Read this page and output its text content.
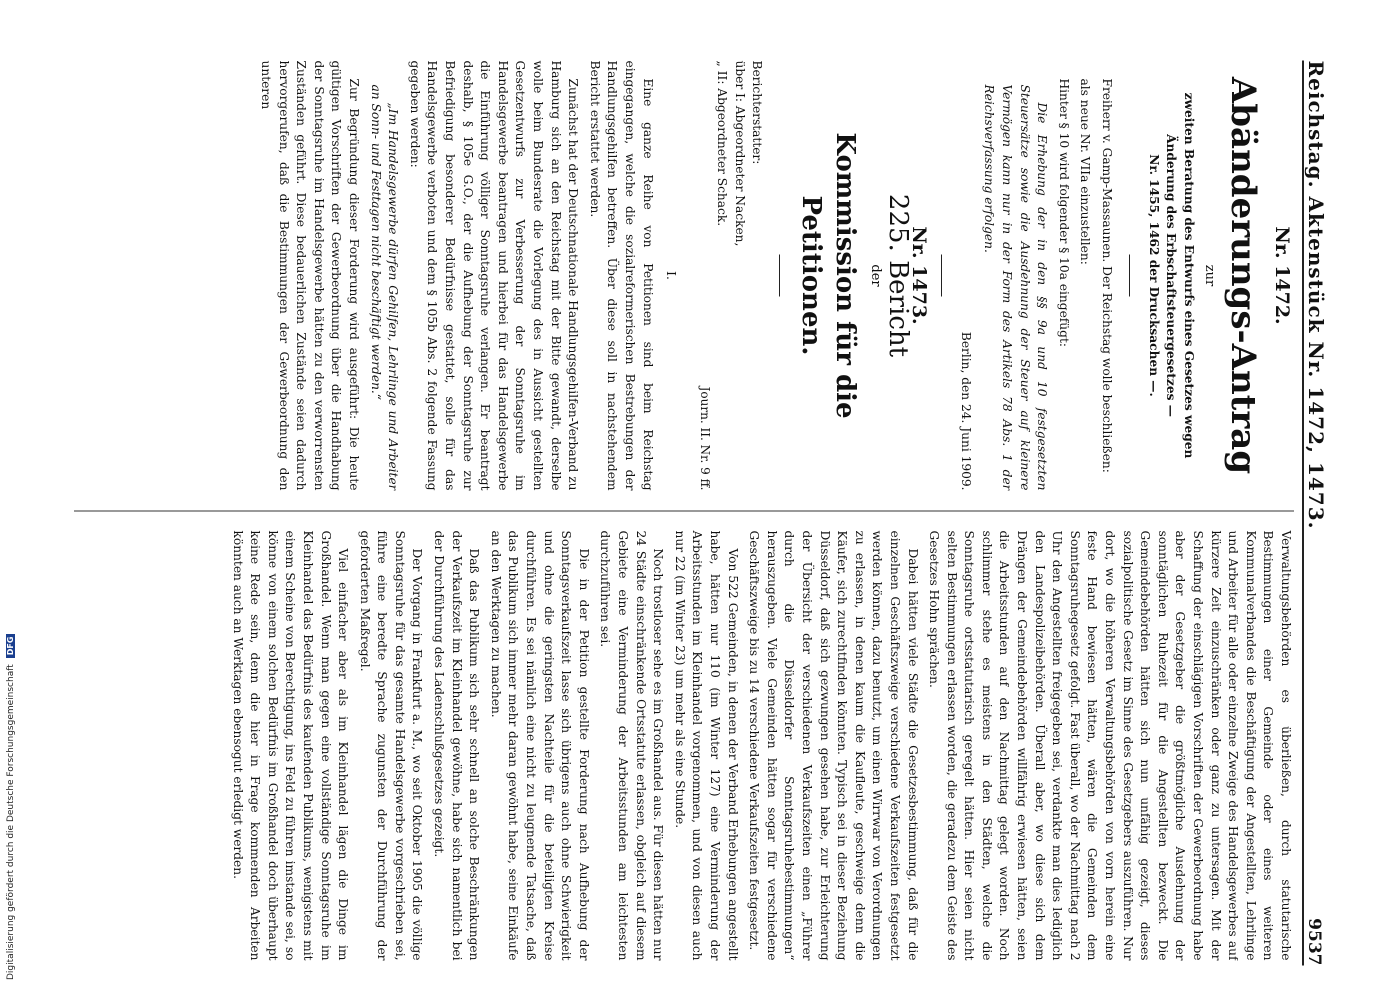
Digitalisierung gefördert durch die Deutsche ForschungsgemeinschaftDFG
Reichstag. Aktenstück Nr. 1472, 1473.
9537
Nr. 1472.
Abänderungs-Antrag
zur
zweiten Beratung des Entwurfs eines Gesetzes wegen Änderung des Erbschaftsteuergesetzes —
Nr. 1455, 1462 der Drucksachen —.

Freiherr v. Gamp-Massaunen. Der Reichstag wolle beschließen:

als neue Nr. VIIa einzustellen:

Hinter § 10 wird folgender § 10a eingefügt:

Die Erhebung der in den §§ 9a und 10 festgesetzten Steuersätze sowie die Ausdehnung der Steuer auf kleinere Vermögen kann nur in der Form des Artikels 78 Abs. 1 der Reichsverfassung erfolgen.

Berlin, den 24. Juni 1909.
Nr. 1473.
225. Bericht
der
Kommission für die Petitionen.
Berichterstatter:
über I: Abgeordneter Nacken,
„ II: Abgeordneter Schack.
Journ. II. Nr. 9 ff.
I.

Eine ganze Reihe von Petitionen sind beim Reichstag eingegangen, welche die sozialreformerischen Bestrebungen der Handlungsgehilfen betreffen. Über diese soll in nachstehendem Bericht erstattet werden.

Zunächst hat der Deutschnationale Handlungsgehilfen-Verband zu Hamburg sich an den Reichstag mit der Bitte gewandt, derselbe wolle beim Bundesrate die Vorlegung des in Aussicht gestellten Gesetzentwurfs zur Verbesserung der Sonntagsruhe im Handelsgewerbe beantragen und hierbei für das Handelsgewerbe die Einführung völliger Sonntagsruhe verlangen. Er beantragt deshalb, § 105e G.O., der die Aufhebung der Sonntagsruhe zur Befriedigung besonderer Bedürfnisse gestattet, solle für das Handelsgewerbe verboten und dem § 105b Abs. 2 folgende Fassung gegeben werden:

„Im Handelsgewerbe dürfen Gehilfen, Lehrlinge und Arbeiter an Sonn- und Festtagen nicht beschäftigt werden.“

Zur Begründung dieser Forderung wird ausgeführt: Die heute gültigen Vorschriften der Gewerbeordnung über die Handhabung der Sonntagsruhe im Handelsgewerbe hätten zu den verworrensten Zuständen geführt. Diese bedauerlichen Zustände seien dadurch hervorgerufen, daß die Bestimmungen der Gewerbeordnung den unteren

Verwaltungsbehörden es überließen, durch statutarische Bestimmungen einer Gemeinde oder eines weiteren Kommunalverbandes die Beschäftigung der Angestellten, Lehrlinge und Arbeiter für alle oder einzelne Zweige des Handelsgewerbes auf kürzere Zeit einzuschränken oder ganz zu untersagen. Mit der Schaffung der einschlägigen Vorschriften der Gewerbeordnung habe aber der Gesetzgeber die größtmögliche Ausdehnung der sonntäglichen Ruhezeit für die Angestellten bezweckt. Die Gemeindebehörden hätten sich nun unfähig gezeigt, dieses sozialpolitische Gesetz im Sinne des Gesetzgebers auszuführen. Nur dort, wo die höheren Verwaltungsbehörden von vorn herein eine feste Hand bewiesen hätten, wären die Gemeinden dem Sonntagsruhegesetz gefolgt. Fast überall, wo der Nachmittag nach 2 Uhr den Angestellten freigegeben sei, verdankte man dies lediglich den Landespolizeibehörden. Überall aber, wo diese sich dem Drängen der Gemeindebehörden willfährig erwiesen hätten, seien die Arbeitsstunden auf den Nachmittag gelegt worden. Noch schlimmer stehe es meistens in den Städten, welche die Sonntagsruhe ortsstatutarisch geregelt hätten. Hier seien nicht selten Bestimmungen erlassen worden, die geradezu dem Geiste des Gesetzes Hohn sprächen.

Dabei hätten viele Städte die Gesetzesbestimmung, daß für die einzelnen Geschäftszweige verschiedene Verkaufszeiten festgesetzt werden können, dazu benutzt, um einen Wirrwar von Verordnungen zu erlassen, in denen kaum die Kaufleute, geschweige denn die Käufer, sich zurechtfinden könnten. Typisch sei in dieser Beziehung Düsseldorf, daß sich gezwungen gesehen habe, zur Erleichterung der Übersicht der verschiedenen Verkaufszeiten einen „Führer durch die Düsseldorfer Sonntagsruhebestimmungen“ herauszugeben. Viele Gemeinden hätten sogar für verschiedene Geschäftszweige bis zu 14 verschiedene Verkaufszeiten festgesetzt.

Von 522 Gemeinden, in denen der Verband Erhebungen angestellt habe, hätten nur 110 (im Winter 127) eine Verminderung der Arbeitsstunden im Kleinhandel vorgenommen, und von diesen auch nur 22 (im Winter 23) um mehr als eine Stunde.

Noch trostloser sehe es im Großhandel aus. Für diesen hätten nur 24 Städte einschränkende Ortsstatute erlassen, obgleich auf diesem Gebiete eine Verminderung der Arbeitsstunden am leichtesten durchzuführen sei.

Die in der Petition gestellte Forderung nach Aufhebung der Sonntagsverkaufszeit lasse sich übrigens auch ohne Schwierigkeit und ohne die geringsten Nachteile für die beteiligten Kreise durchführen. Es sei nämlich eine nicht zu leugnende Tatsache, daß das Publikum sich immer mehr daran gewöhnt habe, seine Einkäufe an den Werktagen zu machen.

Daß das Publikum sich sehr schnell an solche Beschränkungen der Verkaufszeit im Kleinhandel gewöhne, habe sich namentlich bei der Durchführung des Ladenschlußgesetzes gezeigt.

Der Vorgang in Frankfurt a. M., wo seit Oktober 1905 die völlige Sonntagsruhe für das gesamte Handelsgewerbe vorgeschrieben sei, führe eine beredte Sprache zugunsten der Durchführung der geforderten Maßregel.

Viel einfacher aber als im Kleinhandel lägen die Dinge im Großhandel. Wenn man gegen eine vollständige Sonntagsruhe im Kleinhandel das Bedürfnis des kaufenden Publikums, wenigstens mit einem Scheine von Berechtigung, ins Feld zu führen imstande sei, so könne von einem solchen Bedürfnis im Großhandel doch überhaupt keine Rede sein, denn die hier in Frage kommenden Arbeiten könnten auch an Werktagen ebensogut erledigt werden.
